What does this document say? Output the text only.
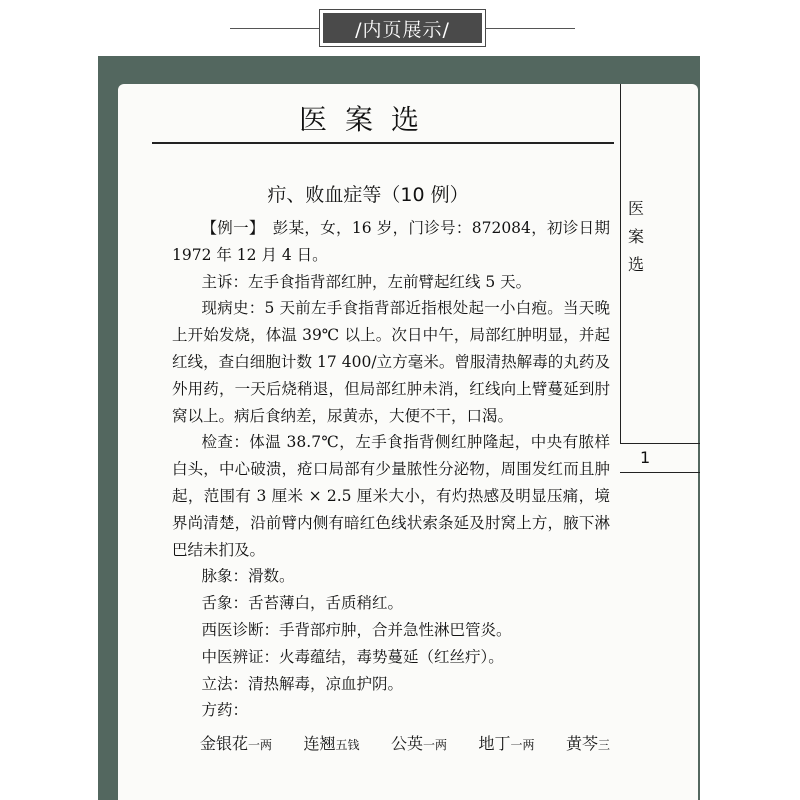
/内页展示/
医
案
选
1
医案选
疖、败血症等（10 例）

【例一】　彭某，女，16 岁，门诊号：872084，初诊日期 1972 年 12 月 4 日。

主诉：左手食指背部红肿，左前臂起红线 5 天。

现病史：5 天前左手食指背部近指根处起一小白疱。当天晚上开始发烧，体温 39℃ 以上。次日中午，局部红肿明显，并起红线，查白细胞计数 17 400/立方毫米。曾服清热解毒的丸药及外用药，一天后烧稍退，但局部红肿未消，红线向上臂蔓延到肘窝以上。病后食纳差，尿黄赤，大便不干，口渴。

检查：体温 38.7℃，左手食指背侧红肿隆起，中央有脓样白头，中心破溃，疮口局部有少量脓性分泌物，周围发红而且肿起，范围有 3 厘米 × 2.5 厘米大小，有灼热感及明显压痛，境界尚清楚，沿前臂内侧有暗红色线状索条延及肘窝上方，腋下淋巴结未扪及。

脉象：滑数。

舌象：舌苔薄白，舌质稍红。

西医诊断：手背部疖肿，合并急性淋巴管炎。

中医辨证：火毒蕴结，毒势蔓延（红丝疔）。

立法：清热解毒，凉血护阴。

方药：

金银花一两 连翘五钱 公英一两 地丁一两 黄芩三
